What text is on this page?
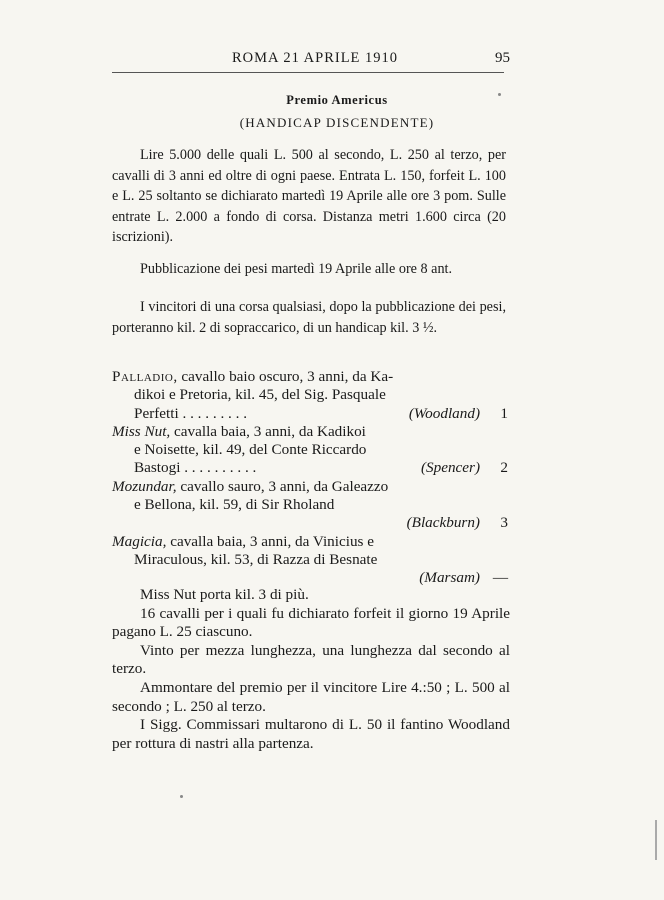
ROMA 21 APRILE 1910	95
Premio Americus
(HANDICAP DISCENDENTE)
Lire 5.000 delle quali L. 500 al secondo, L. 250 al terzo, per cavalli di 3 anni ed oltre di ogni paese. Entrata L. 150, forfeit L. 100 e L. 25 soltanto se dichiarato martedì 19 Aprile alle ore 3 pom. Sulle entrate L. 2.000 a fondo di corsa. Distanza metri 1.600 circa (20 iscrizioni).
Pubblicazione dei pesi martedì 19 Aprile alle ore 8 ant.
I vincitori di una corsa qualsiasi, dopo la pubblicazione dei pesi, porteranno kil. 2 di sopraccarico, di un handicap kil. 3 ½.
Palladio, cavallo baio oscuro, 3 anni, da Ka-
dikoi e Pretoria, kil. 45, del Sig. Pasquale
Perfetti . . . . . . . . .	(Woodland) 1
Miss Nut, cavalla baia, 3 anni, da Kadikoi
e Noisette, kil. 49, del Conte Riccardo
Bastogi . . . . . . . . . .	(Spencer) 2
Mozundar, cavallo sauro, 3 anni, da Galeazzo
e Bellona, kil. 59, di Sir Rholand

(Blackburn) 3
Magicia, cavalla baia, 3 anni, da Vinicius e
Miraculous, kil. 53, di Razza di Besnate

(Marsam) —
Miss Nut porta kil. 3 di più.
16 cavalli per i quali fu dichiarato forfeit il giorno 19 Aprile pagano L. 25 ciascuno.
Vinto per mezza lunghezza, una lunghezza dal secondo al terzo.
Ammontare del premio per il vincitore Lire 4.:50 ; L. 500 al secondo ; L. 250 al terzo.
I Sigg. Commissari multarono di L. 50 il fantino Woodland per rottura di nastri alla partenza.
